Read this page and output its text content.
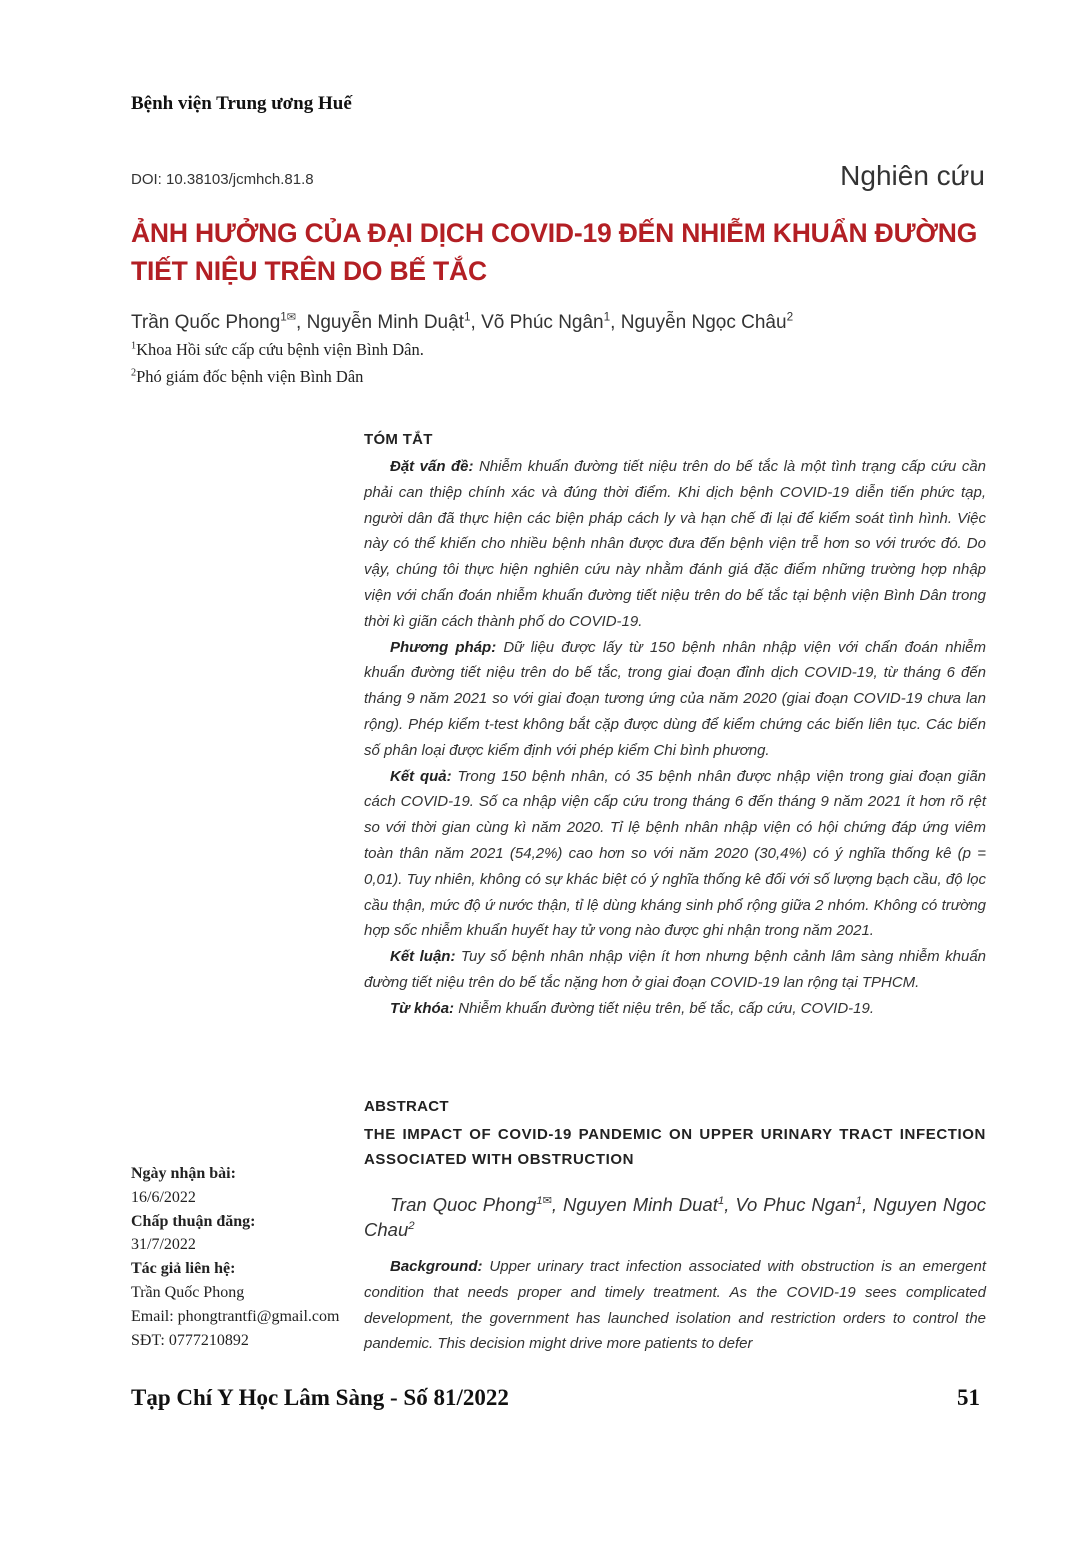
Bệnh viện Trung ương Huế
DOI: 10.38103/jcmhch.81.8	Nghiên cứu
ẢNH HƯỞNG CỦA ĐẠI DỊCH COVID-19 ĐẾN NHIỄM KHUẨN ĐƯỜNG TIẾT NIỆU TRÊN DO BẾ TẮC
Trần Quốc Phong$^{1✉}$, Nguyễn Minh Duật$^1$, Võ Phúc Ngân$^1$, Nguyễn Ngọc Châu$^2$
$^1$Khoa Hồi sức cấp cứu bệnh viện Bình Dân.
$^2$Phó giám đốc bệnh viện Bình Dân
TÓM TẮT

Đặt vấn đề: Nhiễm khuẩn đường tiết niệu trên do bế tắc là một tình trạng cấp cứu cần phải can thiệp chính xác và đúng thời điểm. Khi dịch bệnh COVID-19 diễn tiến phức tạp, người dân đã thực hiện các biện pháp cách ly và hạn chế đi lại để kiểm soát tình hình. Việc này có thể khiến cho nhiều bệnh nhân được đưa đến bệnh viện trễ hơn so với trước đó. Do vậy, chúng tôi thực hiện nghiên cứu này nhằm đánh giá đặc điểm những trường hợp nhập viện với chẩn đoán nhiễm khuẩn đường tiết niệu trên do bế tắc tại bệnh viện Bình Dân trong thời kì giãn cách thành phố do COVID-19.

Phương pháp: Dữ liệu được lấy từ 150 bệnh nhân nhập viện với chẩn đoán nhiễm khuẩn đường tiết niệu trên do bế tắc, trong giai đoạn đỉnh dịch COVID-19, từ tháng 6 đến tháng 9 năm 2021 so với giai đoạn tương ứng của năm 2020 (giai đoạn COVID-19 chưa lan rộng). Phép kiểm t-test không bắt cặp được dùng để kiểm chứng các biến liên tục. Các biến số phân loại được kiểm định với phép kiểm Chi bình phương.

Kết quả: Trong 150 bệnh nhân, có 35 bệnh nhân được nhập viện trong giai đoạn giãn cách COVID-19. Số ca nhập viện cấp cứu trong tháng 6 đến tháng 9 năm 2021 ít hơn rõ rệt so với thời gian cùng kì năm 2020. Tỉ lệ bệnh nhân nhập viện có hội chứng đáp ứng viêm toàn thân năm 2021 (54,2%) cao hơn so với năm 2020 (30,4%) có ý nghĩa thống kê (p = 0,01). Tuy nhiên, không có sự khác biệt có ý nghĩa thống kê đối với số lượng bạch cầu, độ lọc cầu thận, mức độ ứ nước thận, tỉ lệ dùng kháng sinh phổ rộng giữa 2 nhóm. Không có trường hợp sốc nhiễm khuẩn huyết hay tử vong nào được ghi nhận trong năm 2021.

Kết luận: Tuy số bệnh nhân nhập viện ít hơn nhưng bệnh cảnh lâm sàng nhiễm khuẩn đường tiết niệu trên do bế tắc nặng hơn ở giai đoạn COVID-19 lan rộng tại TPHCM.

Từ khóa: Nhiễm khuẩn đường tiết niệu trên, bế tắc, cấp cứu, COVID-19.

ABSTRACT

THE IMPACT OF COVID-19 PANDEMIC ON UPPER URINARY TRACT INFECTION ASSOCIATED WITH OBSTRUCTION

Tran Quoc Phong$^{1✉}$, Nguyen Minh Duat$^1$, Vo Phuc Ngan$^1$, Nguyen Ngoc Chau$^2$

Background: Upper urinary tract infection associated with obstruction is an emergent condition that needs proper and timely treatment. As the COVID-19 sees complicated development, the government has launched isolation and restriction orders to control the pandemic. This decision might drive more patients to defer

Ngày nhận bài:
16/6/2022
Chấp thuận đăng:
31/7/2022
Tác giả liên hệ:
Trần Quốc Phong
Email: phongtrantfi@gmail.com
SĐT: 0777210892
Tạp Chí Y Học Lâm Sàng - Số 81/2022	51
